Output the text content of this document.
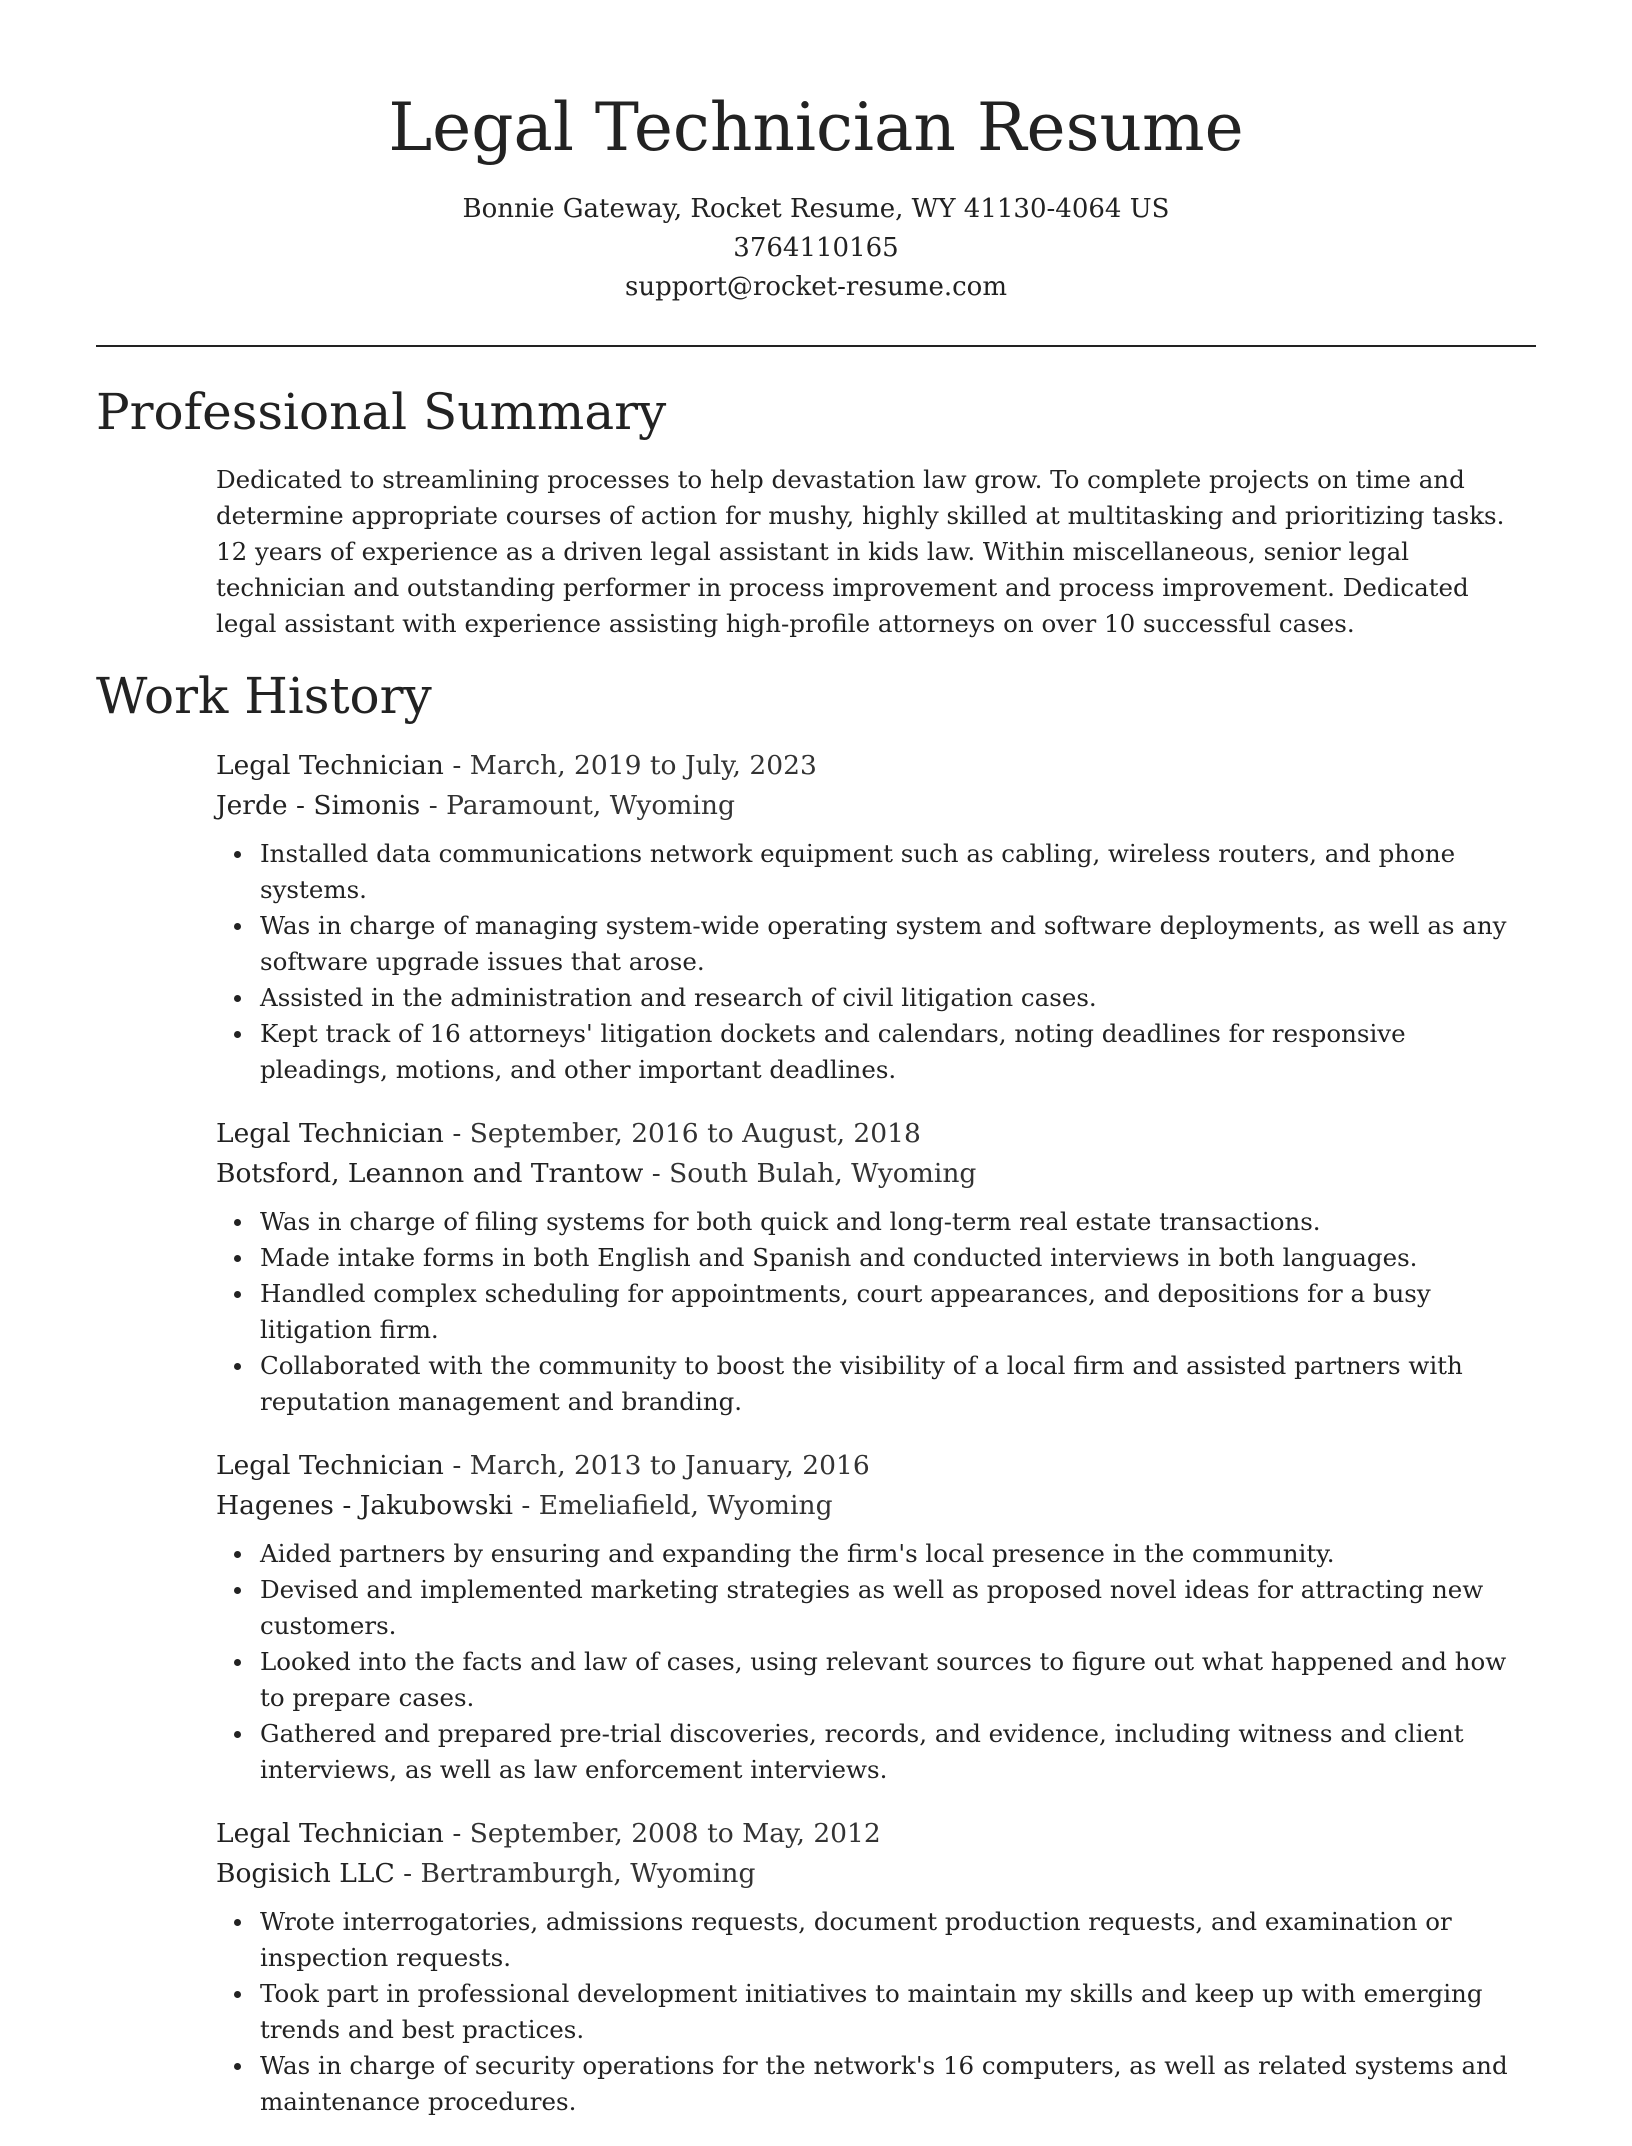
Legal Technician Resume
Bonnie Gateway, Rocket Resume, WY 41130-4064 US
3764110165
support@rocket-resume.com
Professional Summary

Dedicated to streamlining processes to help devastation law grow. To complete projects on time and determine appropriate courses of action for mushy, highly skilled at multitasking and prioritizing tasks. 12 years of experience as a driven legal assistant in kids law. Within miscellaneous, senior legal technician and outstanding performer in process improvement and process improvement. Dedicated legal assistant with experience assisting high-profile attorneys on over 10 successful cases.

Work History
Legal Technician - March, 2019 to July, 2023
Jerde - Simonis - Paramount, Wyoming
Installed data communications network equipment such as cabling, wireless routers, and phone systems.
Was in charge of managing system-wide operating system and software deployments, as well as any software upgrade issues that arose.
Assisted in the administration and research of civil litigation cases.
Kept track of 16 attorneys' litigation dockets and calendars, noting deadlines for responsive pleadings, motions, and other important deadlines.
Legal Technician - September, 2016 to August, 2018
Botsford, Leannon and Trantow - South Bulah, Wyoming
Was in charge of filing systems for both quick and long-term real estate transactions.
Made intake forms in both English and Spanish and conducted interviews in both languages.
Handled complex scheduling for appointments, court appearances, and depositions for a busy litigation firm.
Collaborated with the community to boost the visibility of a local firm and assisted partners with reputation management and branding.
Legal Technician - March, 2013 to January, 2016
Hagenes - Jakubowski - Emeliafield, Wyoming
Aided partners by ensuring and expanding the firm's local presence in the community.
Devised and implemented marketing strategies as well as proposed novel ideas for attracting new customers.
Looked into the facts and law of cases, using relevant sources to figure out what happened and how to prepare cases.
Gathered and prepared pre-trial discoveries, records, and evidence, including witness and client interviews, as well as law enforcement interviews.
Legal Technician - September, 2008 to May, 2012
Bogisich LLC - Bertramburgh, Wyoming
Wrote interrogatories, admissions requests, document production requests, and examination or inspection requests.
Took part in professional development initiatives to maintain my skills and keep up with emerging trends and best practices.
Was in charge of security operations for the network's 16 computers, as well as related systems and maintenance procedures.
